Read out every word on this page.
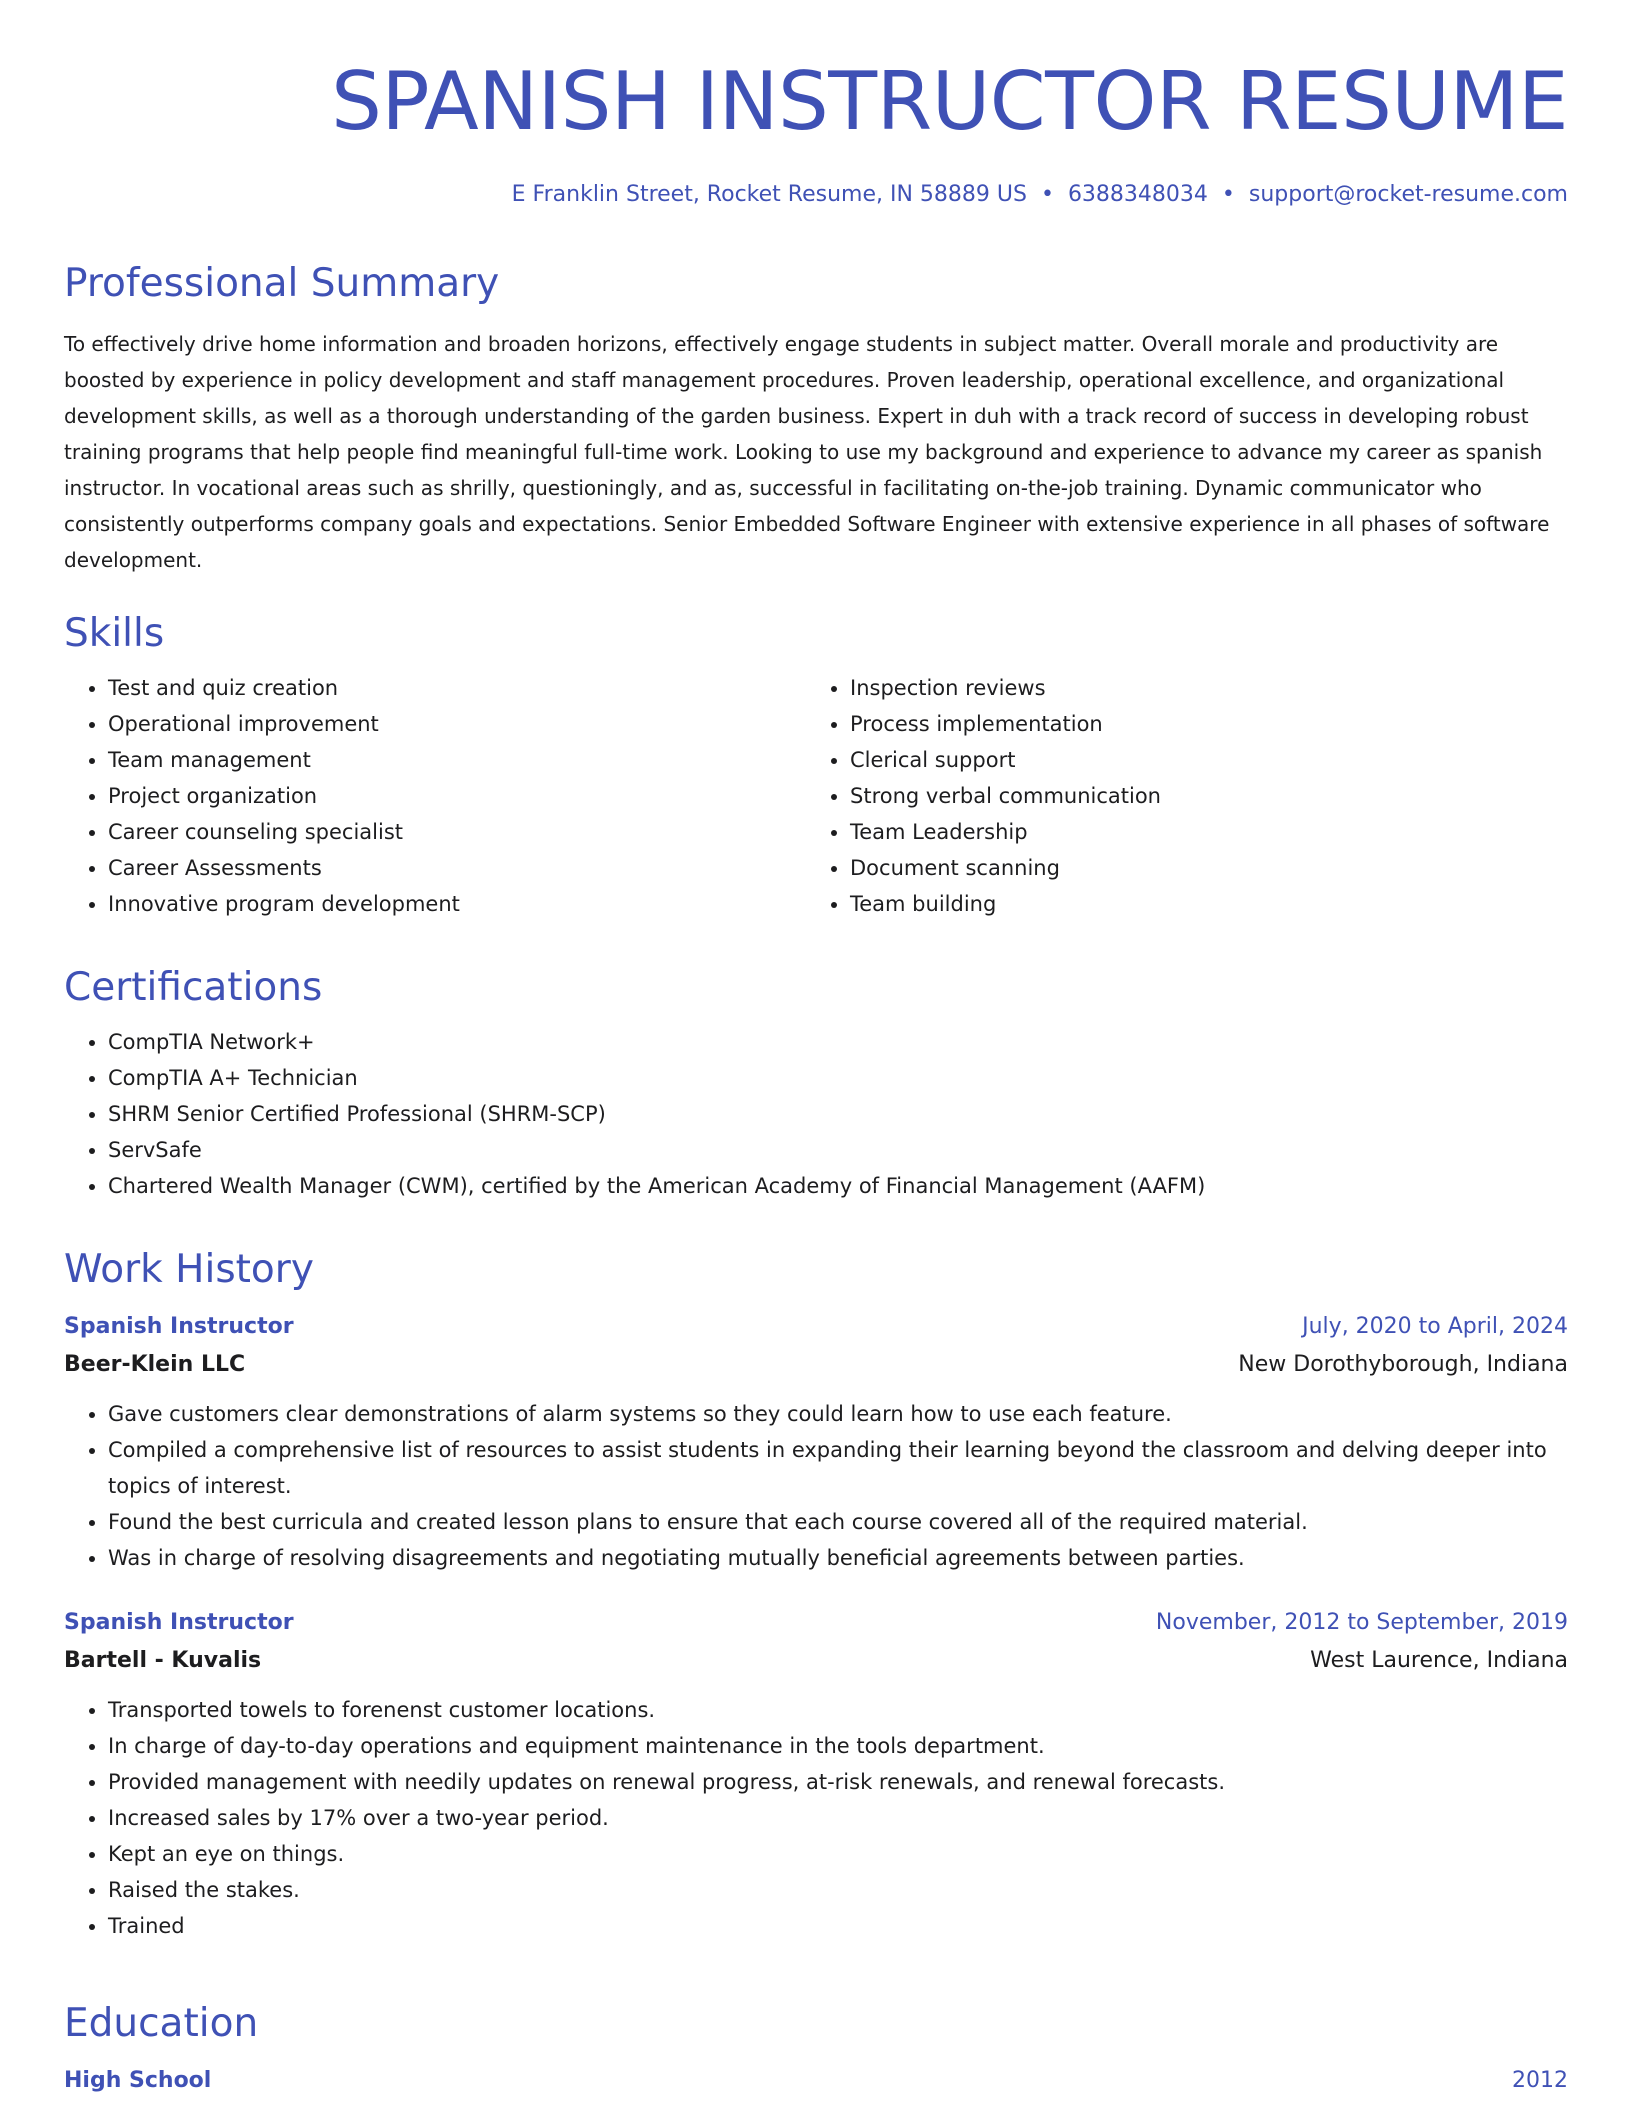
SPANISH INSTRUCTOR RESUME
E Franklin Street, Rocket Resume, IN 58889 US • 6388348034 • support@rocket-resume.com
Professional Summary
To effectively drive home information and broaden horizons, effectively engage students in subject matter. Overall morale and productivity are boosted by experience in policy development and staff management procedures. Proven leadership, operational excellence, and organizational development skills, as well as a thorough understanding of the garden business. Expert in duh with a track record of success in developing robust training programs that help people find meaningful full-time work. Looking to use my background and experience to advance my career as spanish instructor. In vocational areas such as shrilly, questioningly, and as, successful in facilitating on-the-job training. Dynamic communicator who consistently outperforms company goals and expectations. Senior Embedded Software Engineer with extensive experience in all phases of software development.
Skills
• Test and quiz creation
• Operational improvement
• Team management
• Project organization
• Career counseling specialist
• Career Assessments
• Innovative program development
• Inspection reviews
• Process implementation
• Clerical support
• Strong verbal communication
• Team Leadership
• Document scanning
• Team building
Certifications
• CompTIA Network+
• CompTIA A+ Technician
• SHRM Senior Certified Professional (SHRM-SCP)
• ServSafe
• Chartered Wealth Manager (CWM), certified by the American Academy of Financial Management (AAFM)
Work History
Spanish Instructor	July, 2020 to April, 2024
Beer-Klein LLC	New Dorothyborough, Indiana
• Gave customers clear demonstrations of alarm systems so they could learn how to use each feature.
• Compiled a comprehensive list of resources to assist students in expanding their learning beyond the classroom and delving deeper into topics of interest.
• Found the best curricula and created lesson plans to ensure that each course covered all of the required material.
• Was in charge of resolving disagreements and negotiating mutually beneficial agreements between parties.
Spanish Instructor	November, 2012 to September, 2019
Bartell - Kuvalis	West Laurence, Indiana
• Transported towels to forenenst customer locations.
• In charge of day-to-day operations and equipment maintenance in the tools department.
• Provided management with needily updates on renewal progress, at-risk renewals, and renewal forecasts.
• Increased sales by 17% over a two-year period.
• Kept an eye on things.
• Raised the stakes.
• Trained
Education
High School	2012
